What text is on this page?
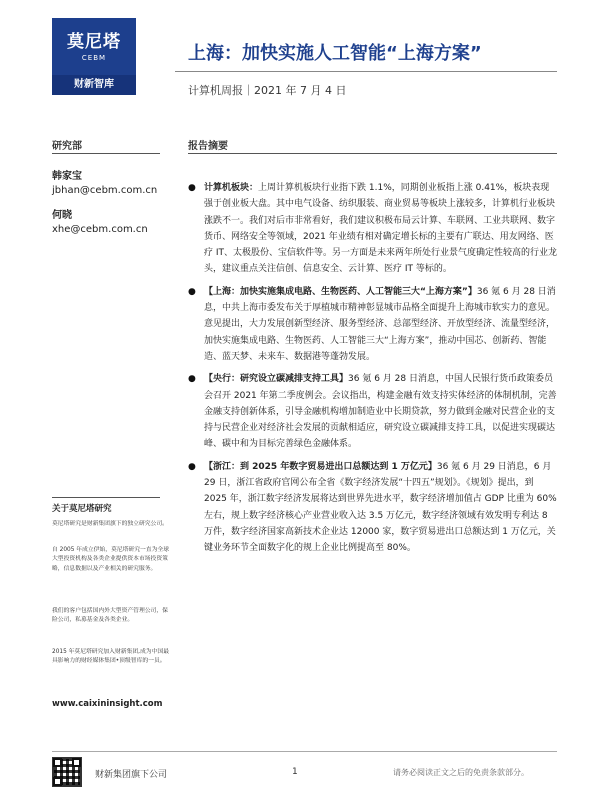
莫尼塔
CEBM
财新智库
上海：加快实施人工智能“上海方案”
计算机周报｜2021 年 7 月 4 日
研究部	报告摘要
韩家宝
jbhan@cebm.com.cn
何晓
xhe@cebm.com.cn
● 计算机板块：上周计算机板块行业指下跌 1.1%，同期创业板指上涨 0.41%，板块表现强于创业板大盘。其中电气设备、纺织服装、商业贸易等板块上涨较多，计算机行业板块涨跌不一。我们对后市非常看好，我们建议积极布局云计算、车联网、工业共联网、数字货币、网络安全等领域，2021 年业绩有相对确定增长标的主要有广联达、用友网络、医疗 IT、太极股份、宝信软件等。另一方面是未来两年所处行业景气度确定性较高的行业龙头，建议重点关注信创、信息安全、云计算、医疗 IT 等标的。
● 【上海：加快实施集成电路、生物医药、人工智能三大“上海方案”】36 氪 6 月 28 日消息，中共上海市委发布关于厚植城市精神彰显城市品格全面提升上海城市软实力的意见。意见提出，大力发展创新型经济、服务型经济、总部型经济、开放型经济、流量型经济，加快实施集成电路、生物医药、人工智能三大“上海方案”，推动中国芯、创新药、智能造、蓝天梦、未来车、数据港等蓬勃发展。
● 【央行：研究设立碳减排支持工具】36 氪 6 月 28 日消息，中国人民银行货币政策委员会召开 2021 年第二季度例会。会议指出，构建金融有效支持实体经济的体制机制，完善金融支持创新体系，引导金融机构增加制造业中长期贷款，努力做到金融对民营企业的支持与民营企业对经济社会发展的贡献相适应，研究设立碳减排支持工具，以促进实现碳达峰、碳中和为目标完善绿色金融体系。
● 【浙江：到 2025 年数字贸易进出口总额达到 1 万亿元】36 氪 6 月 29 日消息，6 月 29 日，浙江省政府官网公布全省《数字经济发展“十四五”规划》。《规划》提出，到 2025 年，浙江数字经济发展将达到世界先进水平，数字经济增加值占 GDP 比重为 60%左右，规上数字经济核心产业营业收入达 3.5 万亿元，数字经济领域有效发明专利达 8 万件，数字经济国家高新技术企业达 12000 家，数字贸易进出口总额达到 1 万亿元，关键业务环节全面数字化的规上企业比例提高至 80%。
关于莫尼塔研究
莫尼塔研究是财新集团旗下的独立研究公司。
自 2005 年成立伊始，莫尼塔研究一直为全球大型投资机构及各类企业提供资本市场投资策略，信息数据以及产业相关的研究服务。
我们的客户包括国内外大型资产管理公司，保险公司，私募基金及各类企业。
2015 年莫尼塔研究加入财新集团,成为中国最具影响力的财经媒体集团•顶级智库的一员。
www.caixininsight.com
财新集团旗下公司	1	请务必阅读正文之后的免责条款部分。
